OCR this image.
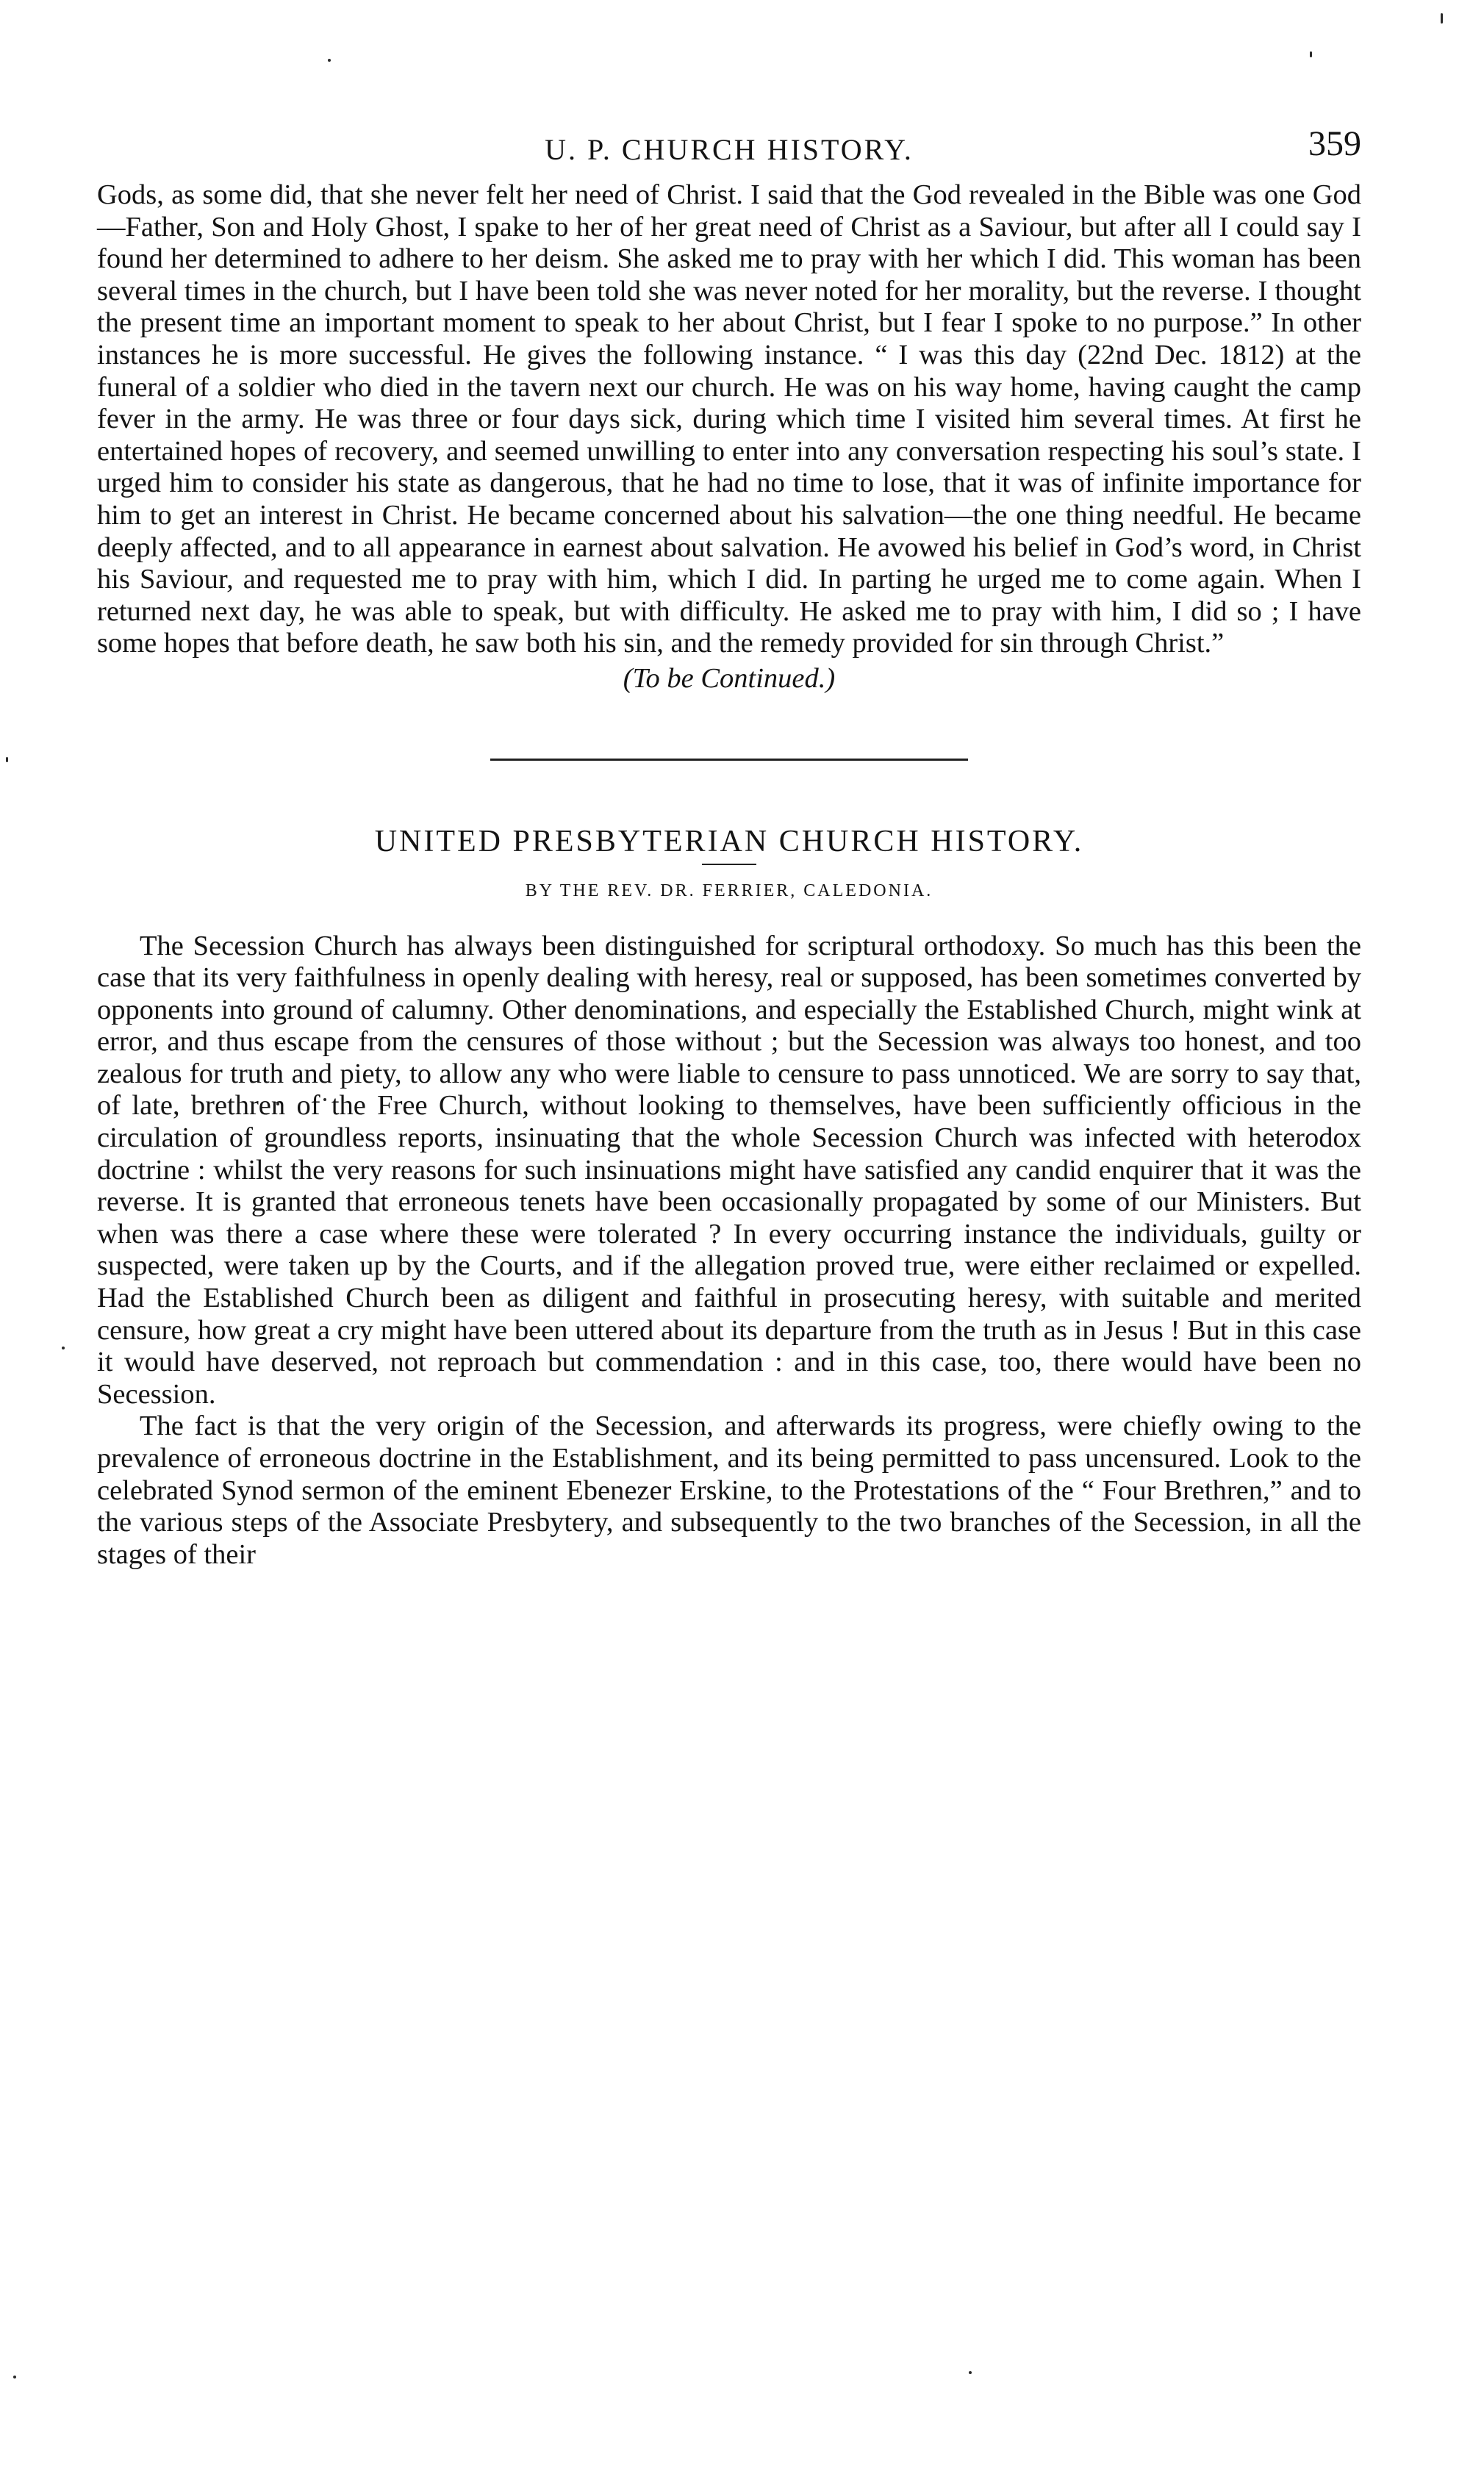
U. P. CHURCH HISTORY.	359

Gods, as some did, that she never felt her need of Christ. I said that the God revealed in the Bible was one God—Father, Son and Holy Ghost, I spake to her of her great need of Christ as a Saviour, but after all I could say I found her determined to adhere to her deism. She asked me to pray with her which I did. This woman has been several times in the church, but I have been told she was never noted for her morality, but the reverse. I thought the present time an important moment to speak to her about Christ, but I fear I spoke to no purpose.” In other instances he is more successful. He gives the following instance. “ I was this day (22nd Dec. 1812) at the funeral of a soldier who died in the tavern next our church. He was on his way home, having caught the camp fever in the army. He was three or four days sick, during which time I visited him several times. At first he entertained hopes of recovery, and seemed unwilling to enter into any conversation respecting his soul’s state. I urged him to consider his state as dangerous, that he had no time to lose, that it was of infinite importance for him to get an interest in Christ. He became concerned about his salvation—the one thing needful. He became deeply affected, and to all appearance in earnest about salvation. He avowed his belief in God’s word, in Christ his Saviour, and requested me to pray with him, which I did. In parting he urged me to come again. When I returned next day, he was able to speak, but with difficulty. He asked me to pray with him, I did so ; I have some hopes that before death, he saw both his sin, and the remedy provided for sin through Christ.”

(To be Continued.)

UNITED PRESBYTERIAN CHURCH HISTORY.
BY THE REV. DR. FERRIER, CALEDONIA.

The Secession Church has always been distinguished for scriptural orthodoxy. So much has this been the case that its very faithfulness in openly dealing with heresy, real or supposed, has been sometimes converted by opponents into ground of calumny. Other denominations, and especially the Established Church, might wink at error, and thus escape from the censures of those without ; but the Secession was always too honest, and too zealous for truth and piety, to allow any who were liable to censure to pass unnoticed. We are sorry to say that, of late, brethren of the Free Church, without looking to themselves, have been sufficiently officious in the circulation of groundless reports, insinuating that the whole Secession Church was infected with heterodox doctrine : whilst the very reasons for such insinuations might have satisfied any candid enquirer that it was the reverse. It is granted that erroneous tenets have been occasionally propagated by some of our Ministers. But when was there a case where these were tolerated ? In every occurring instance the individuals, guilty or suspected, were taken up by the Courts, and if the allegation proved true, were either reclaimed or expelled. Had the Established Church been as diligent and faithful in prosecuting heresy, with suitable and merited censure, how great a cry might have been uttered about its departure from the truth as in Jesus ! But in this case it would have deserved, not reproach but commendation : and in this case, too, there would have been no Secession.

The fact is that the very origin of the Secession, and afterwards its progress, were chiefly owing to the prevalence of erroneous doctrine in the Establishment, and its being permitted to pass uncensured. Look to the celebrated Synod sermon of the eminent Ebenezer Erskine, to the Protestations of the “ Four Brethren,” and to the various steps of the Associate Presbytery, and subsequently to the two branches of the Secession, in all the stages of their
